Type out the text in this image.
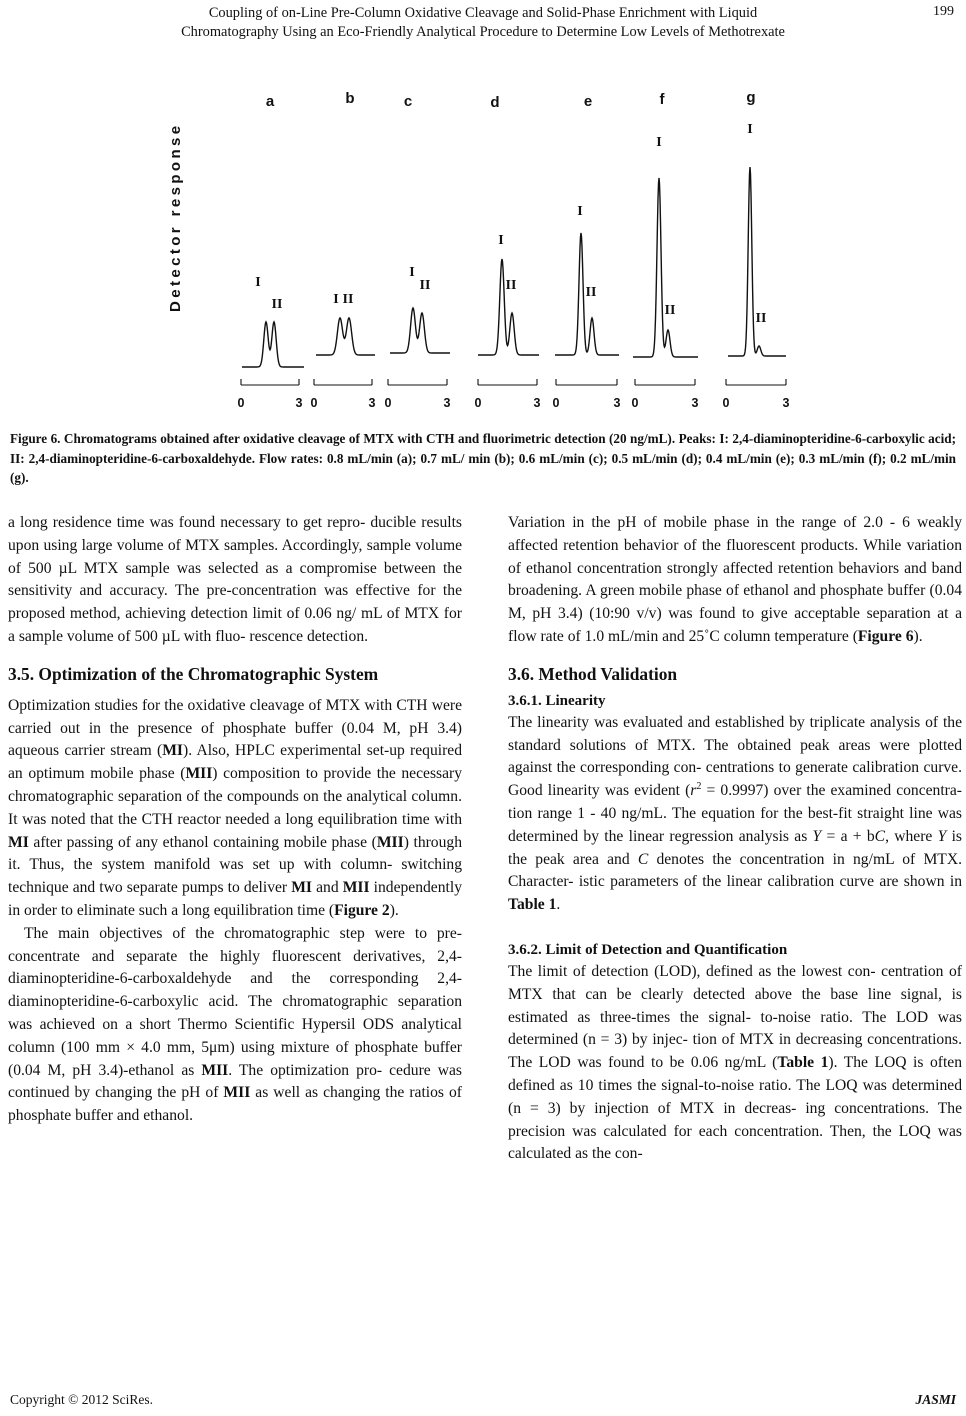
Coupling of on-Line Pre-Column Oxidative Cleavage and Solid-Phase Enrichment with Liquid
Chromatography Using an Eco-Friendly Analytical Procedure to Determine Low Levels of Methotrexate
199
Detector response
0	3
a
I
II
0	3
b
I II
0	3
c
I
II
0	3
d
I
II
0	3
e
I
II
0	3
f
I
II
0	3
g
I
II
Figure 6. Chromatograms obtained after oxidative cleavage of MTX with CTH and fluorimetric detection (20 ng/mL). Peaks: I: 2,4-diaminopteridine-6-carboxylic acid; II: 2,4-diaminopteridine-6-carboxaldehyde. Flow rates: 0.8 mL/min (a); 0.7 mL/ min (b); 0.6 mL/min (c); 0.5 mL/min (d); 0.4 mL/min (e); 0.3 mL/min (f); 0.2 mL/min (g).

a long residence time was found necessary to get repro- ducible results upon using large volume of MTX samples. Accordingly, sample volume of 500 µL MTX sample was selected as a compromise between the sensitivity and accuracy. The pre-concentration was effective for the proposed method, achieving detection limit of 0.06 ng/ mL of MTX for a sample volume of 500 µL with fluo- rescence detection.

3.5. Optimization of the Chromatographic System

Optimization studies for the oxidative cleavage of MTX with CTH were carried out in the presence of phosphate buffer (0.04 M, pH 3.4) aqueous carrier stream (MI). Also, HPLC experimental set-up required an optimum mobile phase (MII) composition to provide the necessary chromatographic separation of the compounds on the analytical column. It was noted that the CTH reactor needed a long equilibration time with MI after passing of any ethanol containing mobile phase (MII) through it. Thus, the system manifold was set up with column- switching technique and two separate pumps to deliver MI and MII independently in order to eliminate such a long equilibration time (Figure 2).

The main objectives of the chromatographic step were to pre-concentrate and separate the highly fluorescent derivatives, 2,4-diaminopteridine-6-carboxaldehyde and the corresponding 2,4-diaminopteridine-6-carboxylic acid. The chromatographic separation was achieved on a short Thermo Scientific Hypersil ODS analytical column (100 mm × 4.0 mm, 5μm) using mixture of phosphate buffer (0.04 M, pH 3.4)-ethanol as MII. The optimization pro- cedure was continued by changing the pH of MII as well as changing the ratios of phosphate buffer and ethanol.

Variation in the pH of mobile phase in the range of 2.0 - 6 weakly affected retention behavior of the fluorescent products. While variation of ethanol concentration strongly affected retention behaviors and band broadening. A green mobile phase of ethanol and phosphate buffer (0.04 M, pH 3.4) (10:90 v/v) was found to give acceptable separation at a flow rate of 1.0 mL/min and 25˚C column temperature (Figure 6).

3.6. Method Validation
3.6.1. Linearity

The linearity was evaluated and established by triplicate analysis of the standard solutions of MTX. The obtained peak areas were plotted against the corresponding con- centrations to generate calibration curve. Good linearity was evident $(r^2 = 0.9997)$ over the examined concentra- tion range 1 - 40 ng/mL. The equation for the best-fit straight line was determined by the linear regression analysis as Y = a + bC, where Y is the peak area and C denotes the concentration in ng/mL of MTX. Character- istic parameters of the linear calibration curve are shown in Table 1.

3.6.2. Limit of Detection and Quantification

The limit of detection (LOD), defined as the lowest con- centration of MTX that can be clearly detected above the base line signal, is estimated as three-times the signal- to-noise ratio. The LOD was determined (n = 3) by injec- tion of MTX in decreasing concentrations. The LOD was found to be 0.06 ng/mL (Table 1). The LOQ is often defined as 10 times the signal-to-noise ratio. The LOQ was determined (n = 3) by injection of MTX in decreas- ing concentrations. The precision was calculated for each concentration. Then, the LOQ was calculated as the con-

Copyright © 2012 SciRes.	JASMI
